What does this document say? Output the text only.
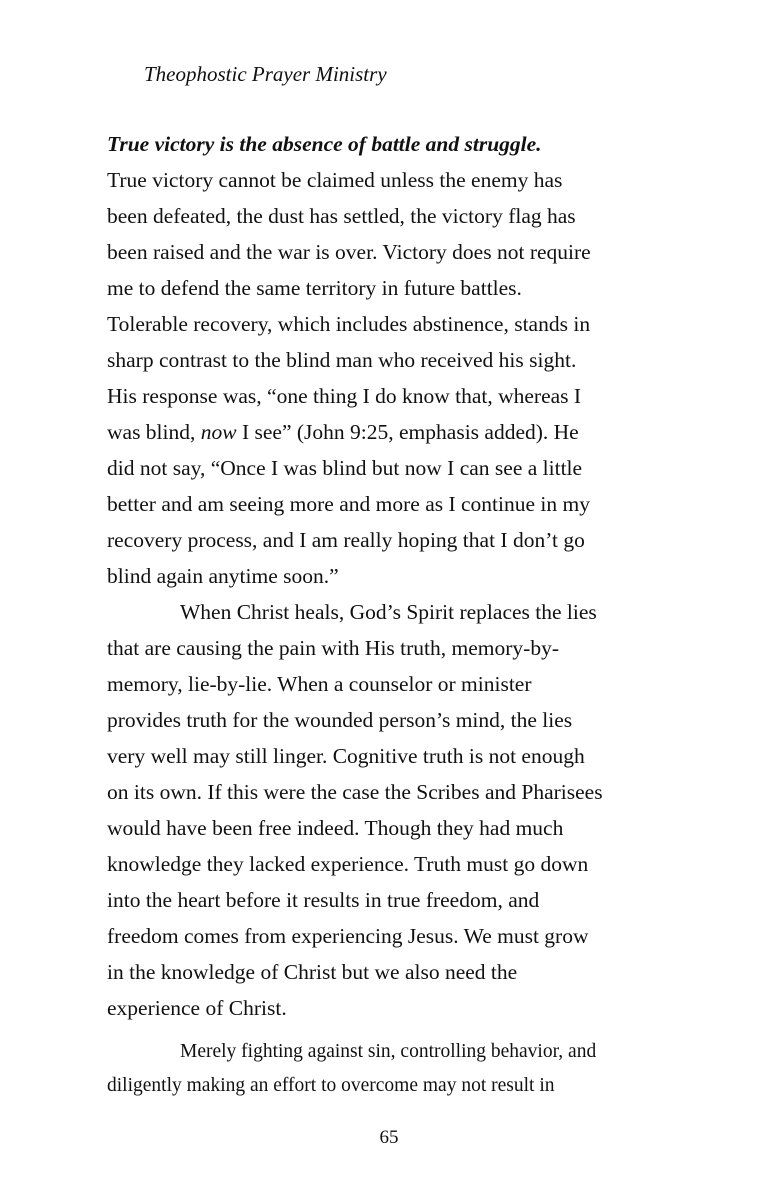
Theophostic Prayer Ministry
True victory is the absence of battle and struggle.
True victory cannot be claimed unless the enemy has
been defeated, the dust has settled, the victory flag has
been raised and the war is over. Victory does not require
me to defend the same territory in future battles.
Tolerable recovery, which includes abstinence, stands in
sharp contrast to the blind man who received his sight.
His response was, “one thing I do know that, whereas I
was blind, now I see” (John 9:25, emphasis added). He
did not say, “Once I was blind but now I can see a little
better and am seeing more and more as I continue in my
recovery process, and I am really hoping that I don’t go
blind again anytime soon.”
When Christ heals, God’s Spirit replaces the lies
that are causing the pain with His truth, memory-by-
memory, lie-by-lie. When a counselor or minister
provides truth for the wounded person’s mind, the lies
very well may still linger. Cognitive truth is not enough
on its own. If this were the case the Scribes and Pharisees
would have been free indeed. Though they had much
knowledge they lacked experience. Truth must go down
into the heart before it results in true freedom, and
freedom comes from experiencing Jesus. We must grow
in the knowledge of Christ but we also need the
experience of Christ.
Merely fighting against sin, controlling behavior, and
diligently making an effort to overcome may not result in
65
